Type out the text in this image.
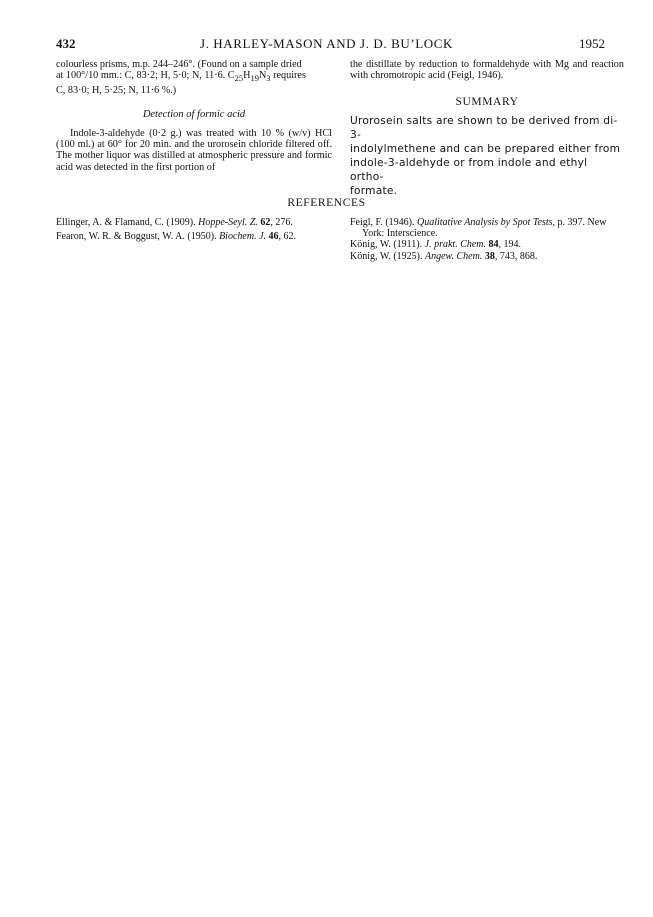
432	J. HARLEY-MASON AND J. D. BU’LOCK	1952

colourless prisms, m.p. 244–246°. (Found on a sample dried

at 100°/10 mm.: C, 83·2; H, 5·0; N, 11·6. $C_{25}H_{19}N_3$ requires

C, 83·0; H, 5·25; N, 11·6 %.)

Detection of formic acid

Indole-3-aldehyde (0·2 g.) was treated with 10 % (w/v) HCl (100 ml.) at 60° for 20 min. and the urorosein chloride filtered off. The mother liquor was distilled at atmospheric pressure and formic acid was detected in the first portion of

the distillate by reduction to formaldehyde with Mg and reaction with chromotropic acid (Feigl, 1946).

SUMMARY
Urorosein salts are shown to be derived from di-3-
indolylmethene and can be prepared either from
indole-3-aldehyde or from indole and ethyl ortho-
formate.
REFERENCES
Ellinger, A. & Flamand, C. (1909). Hoppe-Seyl. Z. 62, 276.
Fearon, W. R. & Boggust, W. A. (1950). Biochem. J. 46, 62.
Feigl, F. (1946). Qualitative Analysis by Spot Tests, p. 397. New York: Interscience.
König, W. (1911). J. prakt. Chem. 84, 194.
König, W. (1925). Angew. Chem. 38, 743, 868.
